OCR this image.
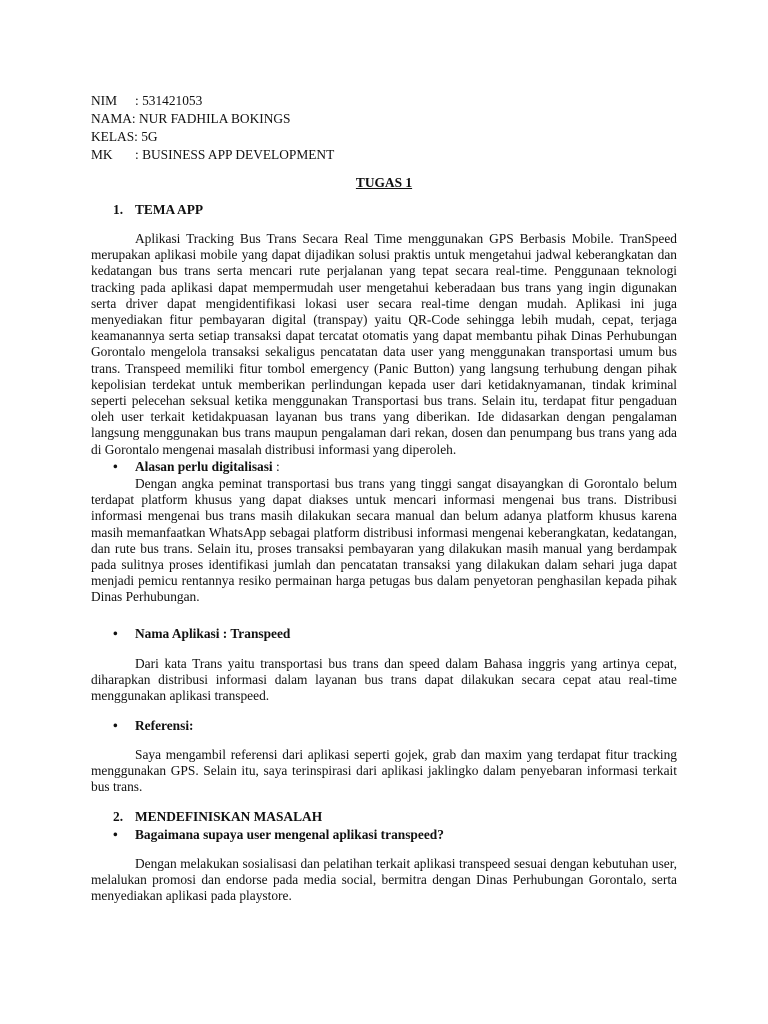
NIM	: 531421053
NAMA : NUR FADHILA BOKINGS
KELAS : 5G
MK	: BUSINESS APP DEVELOPMENT
TUGAS 1
1. TEMA APP

Aplikasi Tracking Bus Trans Secara Real Time menggunakan GPS Berbasis Mobile. TranSpeed merupakan aplikasi mobile yang dapat dijadikan solusi praktis untuk mengetahui jadwal keberangkatan dan kedatangan bus trans serta mencari rute perjalanan yang tepat secara real-time. Penggunaan teknologi tracking pada aplikasi dapat mempermudah user mengetahui keberadaan bus trans yang ingin digunakan serta driver dapat mengidentifikasi lokasi user secara real-time dengan mudah. Aplikasi ini juga menyediakan fitur pembayaran digital (transpay) yaitu QR-Code sehingga lebih mudah, cepat, terjaga keamanannya serta setiap transaksi dapat tercatat otomatis yang dapat membantu pihak Dinas Perhubungan Gorontalo mengelola transaksi sekaligus pencatatan data user yang menggunakan transportasi umum bus trans. Transpeed memiliki fitur tombol emergency (Panic Button) yang langsung terhubung dengan pihak kepolisian terdekat untuk memberikan perlindungan kepada user dari ketidaknyamanan, tindak kriminal seperti pelecehan seksual ketika menggunakan Transportasi bus trans. Selain itu, terdapat fitur pengaduan oleh user terkait ketidakpuasan layanan bus trans yang diberikan. Ide didasarkan dengan pengalaman langsung menggunakan bus trans maupun pengalaman dari rekan, dosen dan penumpang bus trans yang ada di Gorontalo mengenai masalah distribusi informasi yang diperoleh.

• Alasan perlu digitalisasi :

Dengan angka peminat transportasi bus trans yang tinggi sangat disayangkan di Gorontalo belum terdapat platform khusus yang dapat diakses untuk mencari informasi mengenai bus trans. Distribusi informasi mengenai bus trans masih dilakukan secara manual dan belum adanya platform khusus karena masih memanfaatkan WhatsApp sebagai platform distribusi informasi mengenai keberangkatan, kedatangan, dan rute bus trans. Selain itu, proses transaksi pembayaran yang dilakukan masih manual yang berdampak pada sulitnya proses identifikasi jumlah dan pencatatan transaksi yang dilakukan dalam sehari juga dapat menjadi pemicu rentannya resiko permainan harga petugas bus dalam penyetoran penghasilan kepada pihak Dinas Perhubungan.

• Nama Aplikasi : Transpeed

Dari kata Trans yaitu transportasi bus trans dan speed dalam Bahasa inggris yang artinya cepat, diharapkan distribusi informasi dalam layanan bus trans dapat dilakukan secara cepat atau real-time menggunakan aplikasi transpeed.

• Referensi:

Saya mengambil referensi dari aplikasi seperti gojek, grab dan maxim yang terdapat fitur tracking menggunakan GPS. Selain itu, saya terinspirasi dari aplikasi jaklingko dalam penyebaran informasi terkait bus trans.

2. MENDEFINISKAN MASALAH
• Bagaimana supaya user mengenal aplikasi transpeed?

Dengan melakukan sosialisasi dan pelatihan terkait aplikasi transpeed sesuai dengan kebutuhan user, melalukan promosi dan endorse pada media social, bermitra dengan Dinas Perhubungan Gorontalo, serta menyediakan aplikasi pada playstore.
